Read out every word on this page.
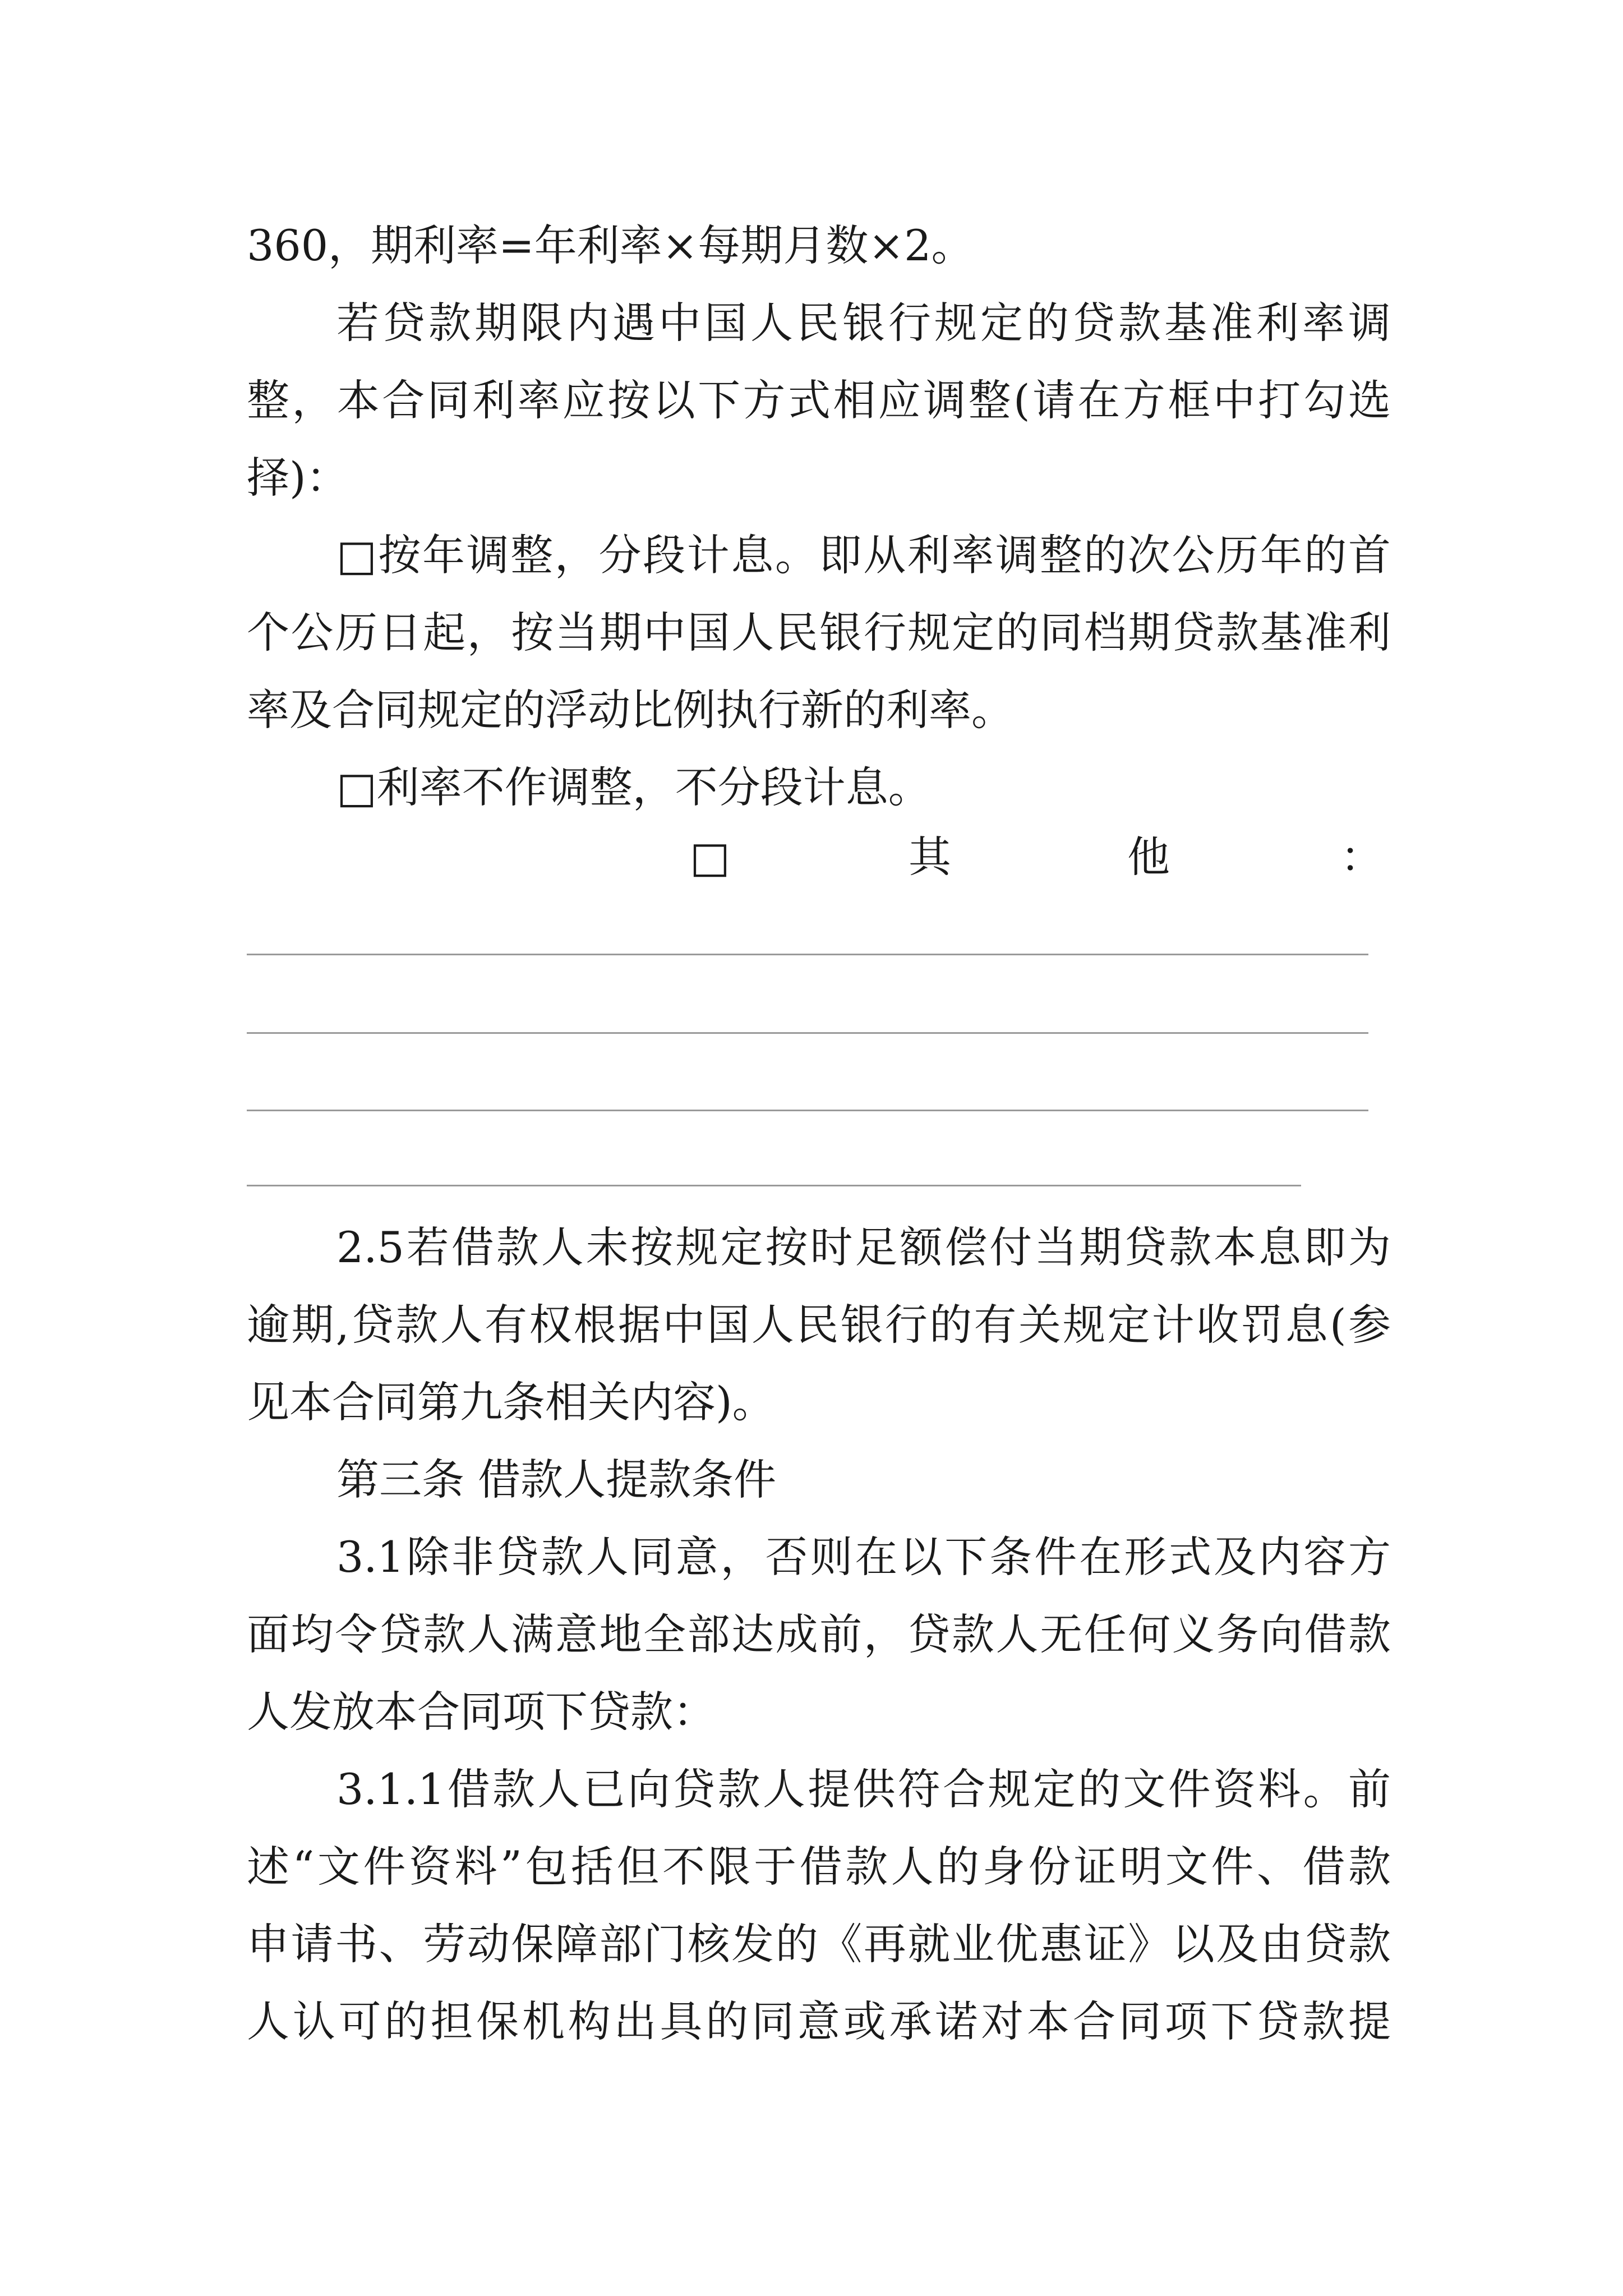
360，期利率=年利率×每期月数×2。
若贷款期限内遇中国人民银行规定的贷款基准利率调
整，本合同利率应按以下方式相应调整(请在方框中打勾选
择)：
□按年调整，分段计息。即从利率调整的次公历年的首
个公历日起，按当期中国人民银行规定的同档期贷款基准利
率及合同规定的浮动比例执行新的利率。
□利率不作调整，不分段计息。
□	其	他	：
2.5若借款人未按规定按时足额偿付当期贷款本息即为
逾期,贷款人有权根据中国人民银行的有关规定计收罚息(参
见本合同第九条相关内容)。
第三条 借款人提款条件
3.1除非贷款人同意，否则在以下条件在形式及内容方
面均令贷款人满意地全部达成前，贷款人无任何义务向借款
人发放本合同项下贷款：
3.1.1借款人已向贷款人提供符合规定的文件资料。前
述“文件资料”包括但不限于借款人的身份证明文件、借款
申请书、劳动保障部门核发的《再就业优惠证》以及由贷款
人认可的担保机构出具的同意或承诺对本合同项下贷款提
